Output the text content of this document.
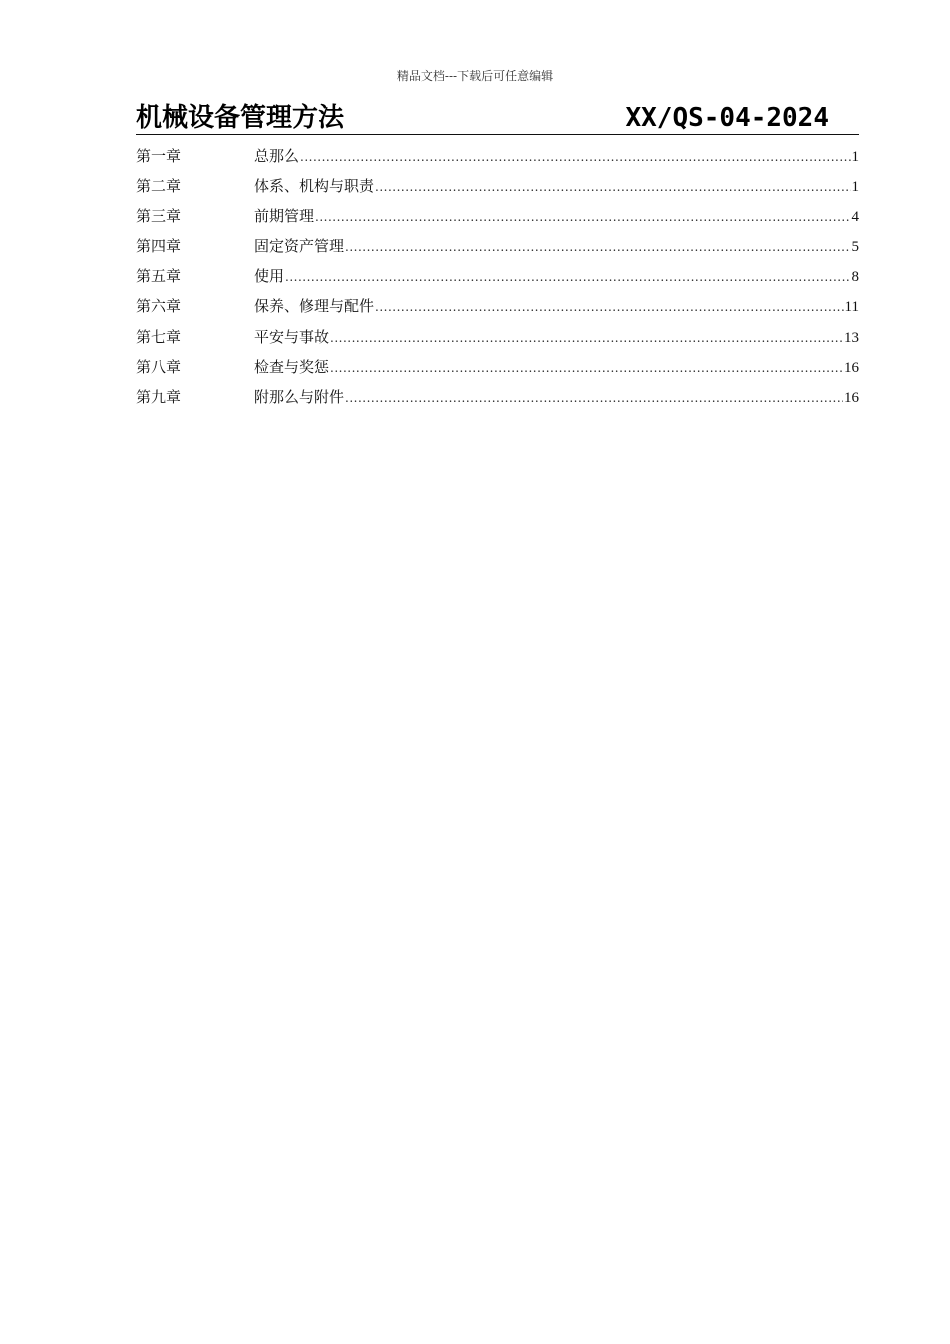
精品文档---下载后可任意编辑
机械设备管理方法	XX/QS-04-2024
第一章	总那么 .....	1
第二章	体系、机构与职责 .....	1
第三章	前期管理 .....	4
第四章	固定资产管理 .....	5
第五章	使用 .....	8
第六章	保养、修理与配件 .....	11
第七章	平安与事故 .....	13
第八章	检查与奖惩 .....	16
第九章	附那么与附件 .....	16
